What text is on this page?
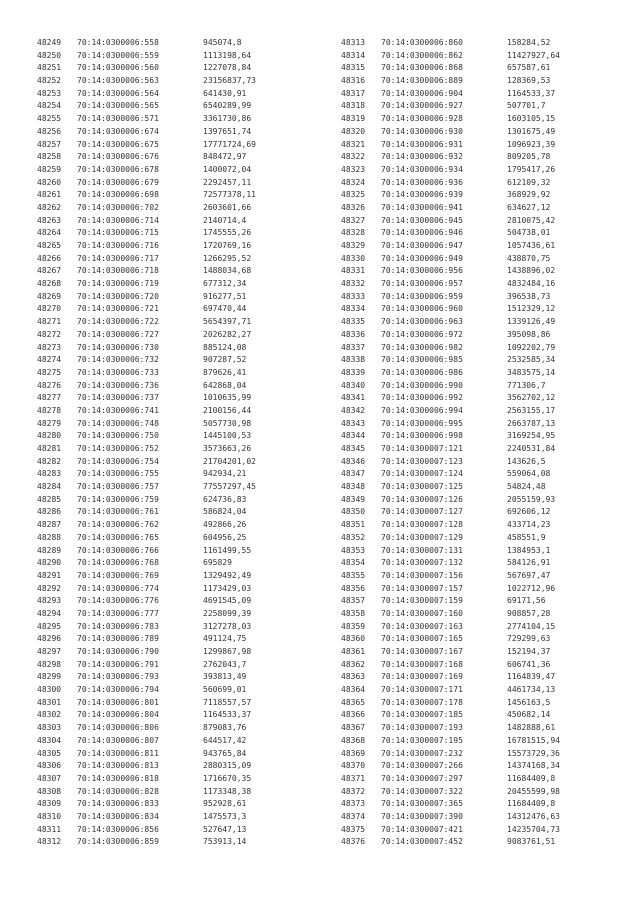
48249 70:14:0300006:558	945074,8
48250 70:14:0300006:559	1113198,64
48251 70:14:0300006:560	1227078,84
48252 70:14:0300006:563	23156837,73
48253 70:14:0300006:564	641430,91
48254 70:14:0300006:565	6540289,99
48255 70:14:0300006:571	3361730,86
48256 70:14:0300006:674	1397651,74
48257 70:14:0300006:675	17771724,69
48258 70:14:0300006:676	848472,97
48259 70:14:0300006:678	1400072,04
48260 70:14:0300006:679	2292457,11
48261 70:14:0300006:698	72577378,11
48262 70:14:0300006:702	2603601,66
48263 70:14:0300006:714	2140714,4
48264 70:14:0300006:715	1745555,26
48265 70:14:0300006:716	1720769,16
48266 70:14:0300006:717	1266295,52
48267 70:14:0300006:718	1488034,68
48268 70:14:0300006:719	677312,34
48269 70:14:0300006:720	916277,51
48270 70:14:0300006:721	697470,44
48271 70:14:0300006:722	5654397,71
48272 70:14:0300006:727	2026282,27
48273 70:14:0300006:730	885124,08
48274 70:14:0300006:732	907287,52
48275 70:14:0300006:733	879626,41
48276 70:14:0300006:736	642868,04
48277 70:14:0300006:737	1010635,99
48278 70:14:0300006:741	2100156,44
48279 70:14:0300006:748	5057730,98
48280 70:14:0300006:750	1445100,53
48281 70:14:0300006:752	3573663,26
48282 70:14:0300006:754	21704201,02
48283 70:14:0300006:755	942934,21
48284 70:14:0300006:757	77557297,45
48285 70:14:0300006:759	624736,83
48286 70:14:0300006:761	586824,04
48287 70:14:0300006:762	492866,26
48288 70:14:0300006:765	604956,25
48289 70:14:0300006:766	1161499,55
48290 70:14:0300006:768	695829
48291 70:14:0300006:769	1329492,49
48292 70:14:0300006:774	1173429,03
48293 70:14:0300006:776	4691545,09
48294 70:14:0300006:777	2258099,39
48295 70:14:0300006:783	3127278,03
48296 70:14:0300006:789	491124,75
48297 70:14:0300006:790	1299867,98
48298 70:14:0300006:791	2762043,7
48299 70:14:0300006:793	393813,49
48300 70:14:0300006:794	560699,01
48301 70:14:0300006:801	7118557,57
48302 70:14:0300006:804	1164533,37
48303 70:14:0300006:806	879083,76
48304 70:14:0300006:807	644517,42
48305 70:14:0300006:811	943765,84
48306 70:14:0300006:813	2880315,09
48307 70:14:0300006:818	1716670,35
48308 70:14:0300006:828	1173348,38
48309 70:14:0300006:833	952928,61
48310 70:14:0300006:834	1475573,3
48311 70:14:0300006:856	527647,13
48312 70:14:0300006:859	753913,14
48313 70:14:0300006:860	158284,52
48314 70:14:0300006:862	11427927,64
48315 70:14:0300006:868	657587,61
48316 70:14:0300006:889	128369,53
48317 70:14:0300006:904	1164533,37
48318 70:14:0300006:927	507701,7
48319 70:14:0300006:928	1603105,15
48320 70:14:0300006:930	1301675,49
48321 70:14:0300006:931	1096923,39
48322 70:14:0300006:932	809205,78
48323 70:14:0300006:934	1795417,26
48324 70:14:0300006:936	612109,32
48325 70:14:0300006:939	368929,92
48326 70:14:0300006:941	634627,12
48327 70:14:0300006:945	2810075,42
48328 70:14:0300006:946	504738,01
48329 70:14:0300006:947	1057436,61
48330 70:14:0300006:949	438870,75
48331 70:14:0300006:956	1438896,02
48332 70:14:0300006:957	4832484,16
48333 70:14:0300006:959	396538,73
48334 70:14:0300006:960	1512329,12
48335 70:14:0300006:963	1339126,49
48336 70:14:0300006:972	395098,86
48337 70:14:0300006:982	1092202,79
48338 70:14:0300006:985	2532585,34
48339 70:14:0300006:986	3483575,14
48340 70:14:0300006:990	771306,7
48341 70:14:0300006:992	3562702,12
48342 70:14:0300006:994	2563155,17
48343 70:14:0300006:995	2663787,13
48344 70:14:0300006:998	3169254,95
48345 70:14:0300007:121	2240531,84
48346 70:14:0300007:123	143626,5
48347 70:14:0300007:124	559064,08
48348 70:14:0300007:125	54824,48
48349 70:14:0300007:126	2055159,93
48350 70:14:0300007:127	692606,12
48351 70:14:0300007:128	433714,23
48352 70:14:0300007:129	458551,9
48353 70:14:0300007:131	1384953,1
48354 70:14:0300007:132	584126,91
48355 70:14:0300007:156	567697,47
48356 70:14:0300007:157	1022712,96
48357 70:14:0300007:159	69171,56
48358 70:14:0300007:160	908857,28
48359 70:14:0300007:163	2774104,15
48360 70:14:0300007:165	729299,63
48361 70:14:0300007:167	152194,37
48362 70:14:0300007:168	606741,36
48363 70:14:0300007:169	1164839,47
48364 70:14:0300007:171	4461734,13
48365 70:14:0300007:178	1456163,5
48366 70:14:0300007:185	450682,14
48367 70:14:0300007:193	1482888,61
48368 70:14:0300007:195	16781515,94
48369 70:14:0300007:232	15573729,36
48370 70:14:0300007:266	14374168,34
48371 70:14:0300007:297	11684409,8
48372 70:14:0300007:322	20455599,98
48373 70:14:0300007:365	11684409,8
48374 70:14:0300007:390	14312476,63
48375 70:14:0300007:421	14235704,73
48376 70:14:0300007:452	9083761,51
